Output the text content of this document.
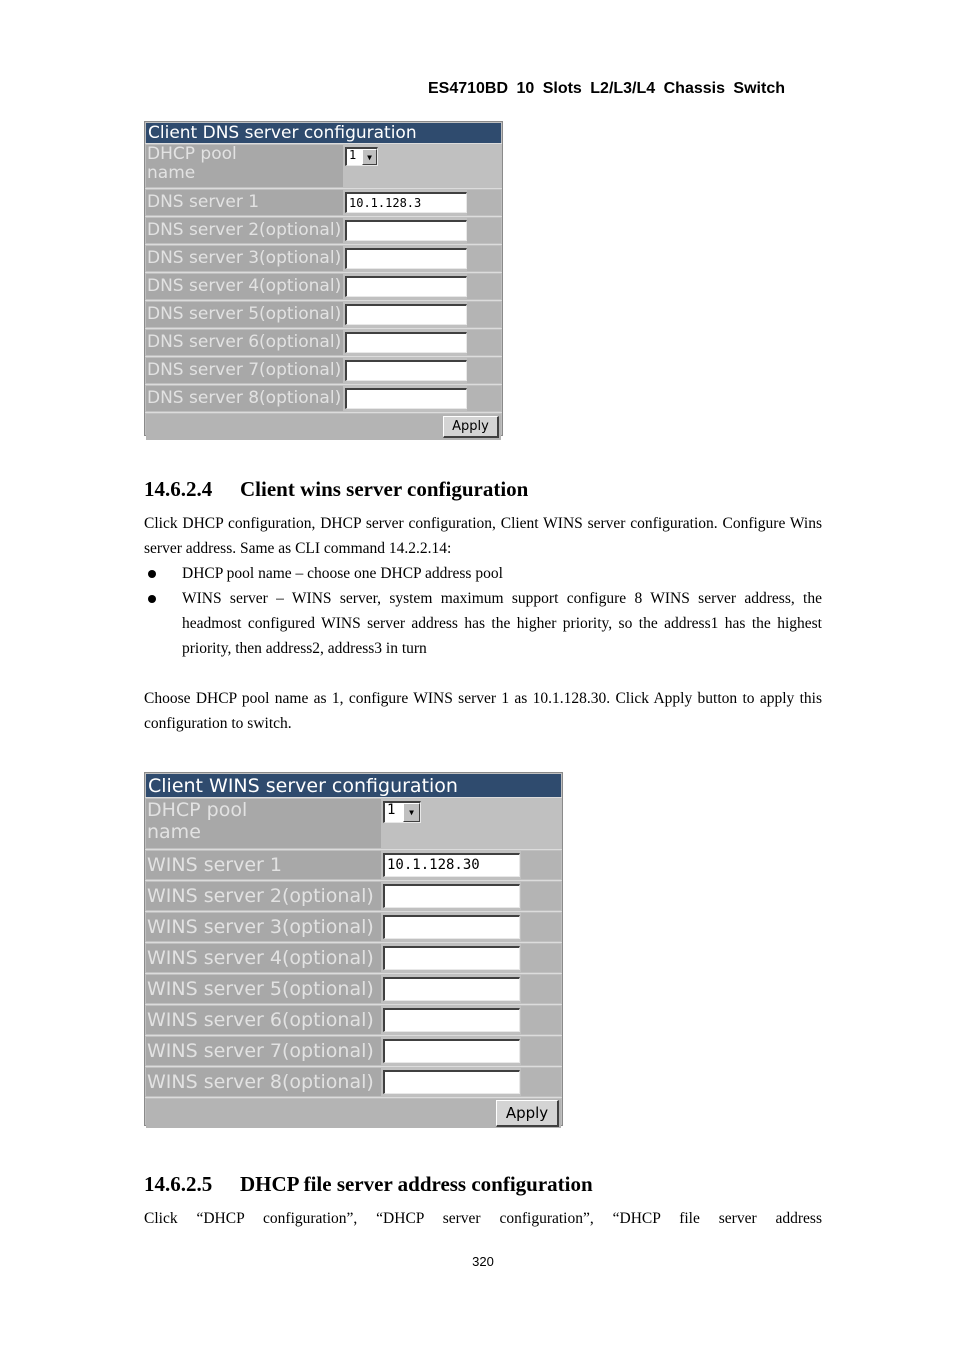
ES4710BD 10 Slots L2/L3/L4 Chassis Switch
Client DNS server configuration
DHCP pool
name
1	▼
DNS server 1	10.1.128.3
DNS server 2(optional)
DNS server 3(optional)
DNS server 4(optional)
DNS server 5(optional)
DNS server 6(optional)
DNS server 7(optional)
DNS server 8(optional)
Apply
14.6.2.4 Client wins server configuration

Click DHCP configuration, DHCP server configuration, Client WINS server configuration. Configure Wins server address. Same as CLI command 14.2.2.14:

DHCP pool name – choose one DHCP address pool
WINS server – WINS server, system maximum support configure 8 WINS server address, the headmost configured WINS server address has the higher priority, so the address1 has the highest priority, then address2, address3 in turn

Choose DHCP pool name as 1, configure WINS server 1 as 10.1.128.30. Click Apply button to apply this configuration to switch.

Client WINS server configuration
DHCP pool
name
1	▼
WINS server 1	10.1.128.30
WINS server 2(optional)
WINS server 3(optional)
WINS server 4(optional)
WINS server 5(optional)
WINS server 6(optional)
WINS server 7(optional)
WINS server 8(optional)
Apply
14.6.2.5 DHCP file server address configuration

Click “DHCP configuration”, “DHCP server configuration”, “DHCP file server address

320
